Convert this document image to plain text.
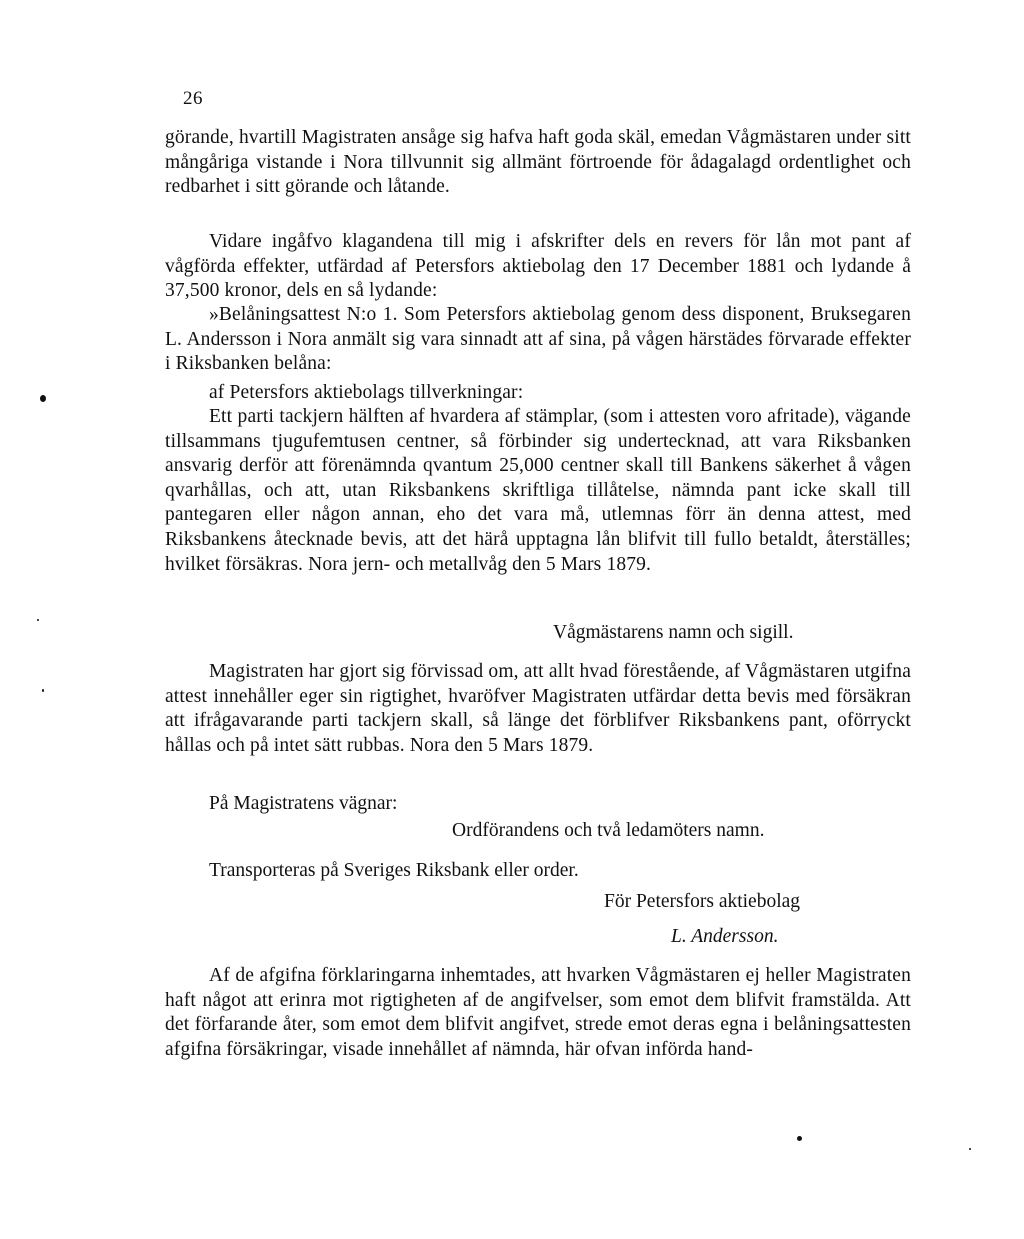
26

görande, hvartill Magistraten ansåge sig hafva haft goda skäl, emedan Vågmästaren under sitt mångåriga vistande i Nora tillvunnit sig allmänt förtroende för ådagalagd ordentlighet och redbarhet i sitt görande och låtande.

Vidare ingåfvo klagandena till mig i afskrifter dels en revers för lån mot pant af vågförda effekter, utfärdad af Petersfors aktiebolag den 17 December 1881 och lydande å 37,500 kronor, dels en så lydande:

»Belåningsattest N:o 1. Som Petersfors aktiebolag genom dess disponent, Bruksegaren L. Andersson i Nora anmält sig vara sinnadt att af sina, på vågen härstädes förvarade effekter i Riksbanken belåna:

af Petersfors aktiebolags tillverkningar:

Ett parti tackjern hälften af hvardera af stämplar, (som i attesten voro afritade), vägande tillsammans tjugufemtusen centner, så förbinder sig undertecknad, att vara Riksbanken ansvarig derför att förenämnda qvantum 25,000 centner skall till Bankens säkerhet å vågen qvarhållas, och att, utan Riksbankens skriftliga tillåtelse, nämnda pant icke skall till pantegaren eller någon annan, eho det vara må, utlemnas förr än denna attest, med Riksbankens åtecknade bevis, att det härå upptagna lån blifvit till fullo betaldt, återställes; hvilket försäkras. Nora jern- och metallvåg den 5 Mars 1879.

Vågmästarens namn och sigill.

Magistraten har gjort sig förvissad om, att allt hvad förestående, af Vågmästaren utgifna attest innehåller eger sin rigtighet, hvaröfver Magistraten utfärdar detta bevis med försäkran att ifrågavarande parti tackjern skall, så länge det förblifver Riksbankens pant, oförryckt hållas och på intet sätt rubbas. Nora den 5 Mars 1879.

På Magistratens vägnar:
Ordförandens och två ledamöters namn.
Transporteras på Sveriges Riksbank eller order.
För Petersfors aktiebolag
L. Andersson.

Af de afgifna förklaringarna inhemtades, att hvarken Vågmästaren ej heller Magistraten haft något att erinra mot rigtigheten af de angifvelser, som emot dem blifvit framstälda. Att det förfarande åter, som emot dem blifvit angifvet, strede emot deras egna i belåningsattesten afgifna försäkringar, visade innehållet af nämnda, här ofvan införda hand-
